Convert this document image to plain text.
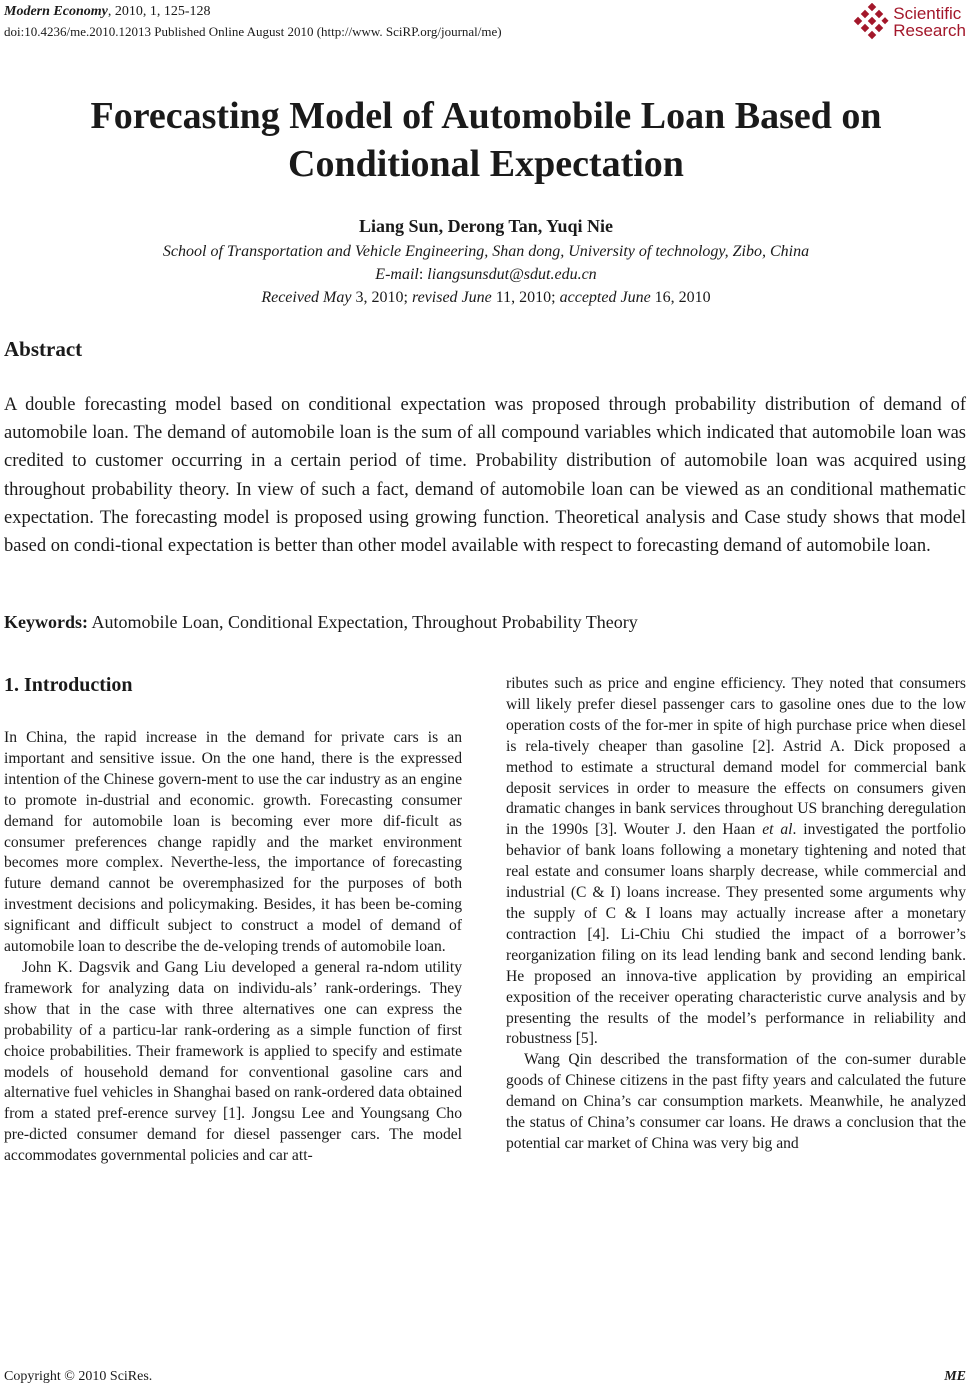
Modern Economy, 2010, 1, 125-128
doi:10.4236/me.2010.12013 Published Online August 2010 (http://www. SciRP.org/journal/me)
Scientific
Research
Forecasting Model of Automobile Loan Based on
Conditional Expectation
Liang Sun, Derong Tan, Yuqi Nie
School of Transportation and Vehicle Engineering, Shan dong, University of technology, Zibo, China
E-mail: liangsunsdut@sdut.edu.cn
Received May 3, 2010; revised June 11, 2010; accepted June 16, 2010
Abstract
A double forecasting model based on conditional expectation was proposed through probability distribution of demand of automobile loan. The demand of automobile loan is the sum of all compound variables which indicated that automobile loan was credited to customer occurring in a certain period of time. Probability distribution of automobile loan was acquired using throughout probability theory. In view of such a fact, demand of automobile loan can be viewed as an conditional mathematic expectation. The forecasting model is proposed using growing function. Theoretical analysis and Case study shows that model based on condi-tional expectation is better than other model available with respect to forecasting demand of automobile loan.
Keywords: Automobile Loan, Conditional Expectation, Throughout Probability Theory
1. Introduction

In China, the rapid increase in the demand for private cars is an important and sensitive issue. On the one hand, there is the expressed intention of the Chinese govern-ment to use the car industry as an engine to promote in-dustrial and economic. growth. Forecasting consumer demand for automobile loan is becoming ever more dif-ficult as consumer preferences change rapidly and the market environment becomes more complex. Neverthe-less, the importance of forecasting future demand cannot be overemphasized for the purposes of both investment decisions and policymaking. Besides, it has been be-coming significant and difficult subject to construct a model of demand of automobile loan to describe the de-veloping trends of automobile loan.

John K. Dagsvik and Gang Liu developed a general ra-ndom utility framework for analyzing data on individu-als’ rank-orderings. They show that in the case with three alternatives one can express the probability of a particu-lar rank-ordering as a simple function of first choice probabilities. Their framework is applied to specify and estimate models of household demand for conventional gasoline cars and alternative fuel vehicles in Shanghai based on rank-ordered data obtained from a stated pref-erence survey [1]. Jongsu Lee and Youngsang Cho pre-dicted consumer demand for diesel passenger cars. The model accommodates governmental policies and car att-

ributes such as price and engine efficiency. They noted that consumers will likely prefer diesel passenger cars to gasoline ones due to the low operation costs of the for-mer in spite of high purchase price when diesel is rela-tively cheaper than gasoline [2]. Astrid A. Dick proposed a method to estimate a structural demand model for commercial bank deposit services in order to measure the effects on consumers given dramatic changes in bank services throughout US branching deregulation in the 1990s [3]. Wouter J. den Haan et al. investigated the portfolio behavior of bank loans following a monetary tightening and noted that real estate and consumer loans sharply decrease, while commercial and industrial (C & I) loans increase. They presented some arguments why the supply of C & I loans may actually increase after a monetary contraction [4]. Li-Chiu Chi studied the impact of a borrower’s reorganization filing on its lead lending bank and second lending bank. He proposed an innova-tive application by providing an empirical exposition of the receiver operating characteristic curve analysis and by presenting the results of the model’s performance in reliability and robustness [5].

Wang Qin described the transformation of the con-sumer durable goods of Chinese citizens in the past fifty years and calculated the future demand on China’s car consumption markets. Meanwhile, he analyzed the status of China’s consumer car loans. He draws a conclusion that the potential car market of China was very big and

Copyright © 2010 SciRes.	ME
